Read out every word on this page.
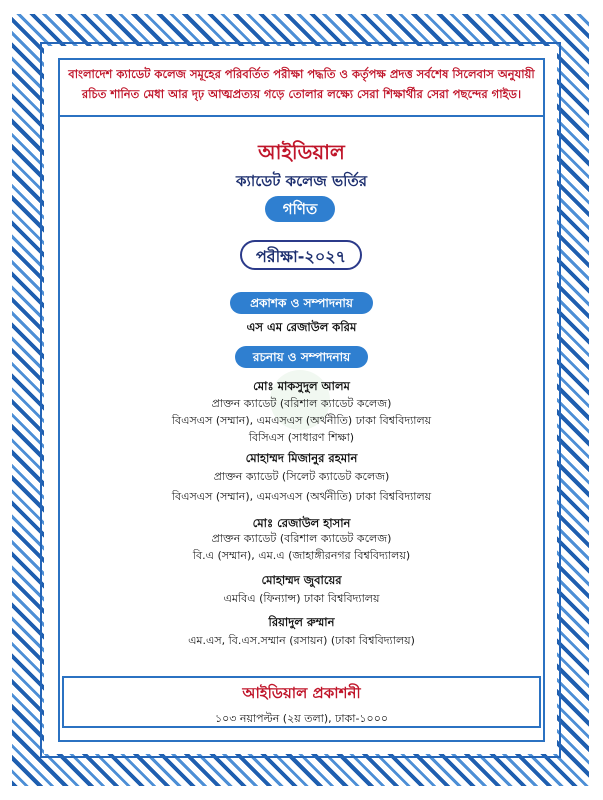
বাংলাদেশ ক্যাডেট কলেজ সমূহের পরিবর্তিত পরীক্ষা পদ্ধতি ও কর্তৃপক্ষ প্রদত্ত সর্বশেষ সিলেবাস অনুযায়ী
রচিত শানিত মেধা আর দৃঢ় আত্মপ্রত্যয় গড়ে তোলার লক্ষ্যে সেরা শিক্ষার্থীর সেরা পছন্দের গাইড।
আইডিয়াল
ক্যাডেট কলেজ ভর্তির
গণিত
পরীক্ষা-২০২৭
প্রকাশক ও সম্পাদনায়
এস এম রেজাউল করিম
রচনায় ও সম্পাদনায়
মোঃ মাকসুদুল আলম
প্রাক্তন ক্যাডেট (বরিশাল ক্যাডেট কলেজ)
বিএসএস (সম্মান), এমএসএস (অর্থনীতি) ঢাকা বিশ্ববিদ্যালয়
বিসিএস (সাধারণ শিক্ষা)
মোহাম্মদ মিজানুর রহমান
প্রাক্তন ক্যাডেট (সিলেট ক্যাডেট কলেজ)
বিএসএস (সম্মান), এমএসএস (অর্থনীতি) ঢাকা বিশ্ববিদ্যালয়
মোঃ রেজাউল হাসান
প্রাক্তন ক্যাডেট (বরিশাল ক্যাডেট কলেজ)
বি.এ (সম্মান), এম.এ (জাহাঙ্গীরনগর বিশ্ববিদ্যালয়)
মোহাম্মদ জুবায়ের
এমবিএ (ফিন্যান্স) ঢাকা বিশ্ববিদ্যালয়
রিয়াদুল রুম্মান
এম.এস, বি.এস.সম্মান (রসায়ন) (ঢাকা বিশ্ববিদ্যালয়)
আইডিয়াল প্রকাশনী
১০৩ নয়াপল্টন (২য় তলা), ঢাকা-১০০০
